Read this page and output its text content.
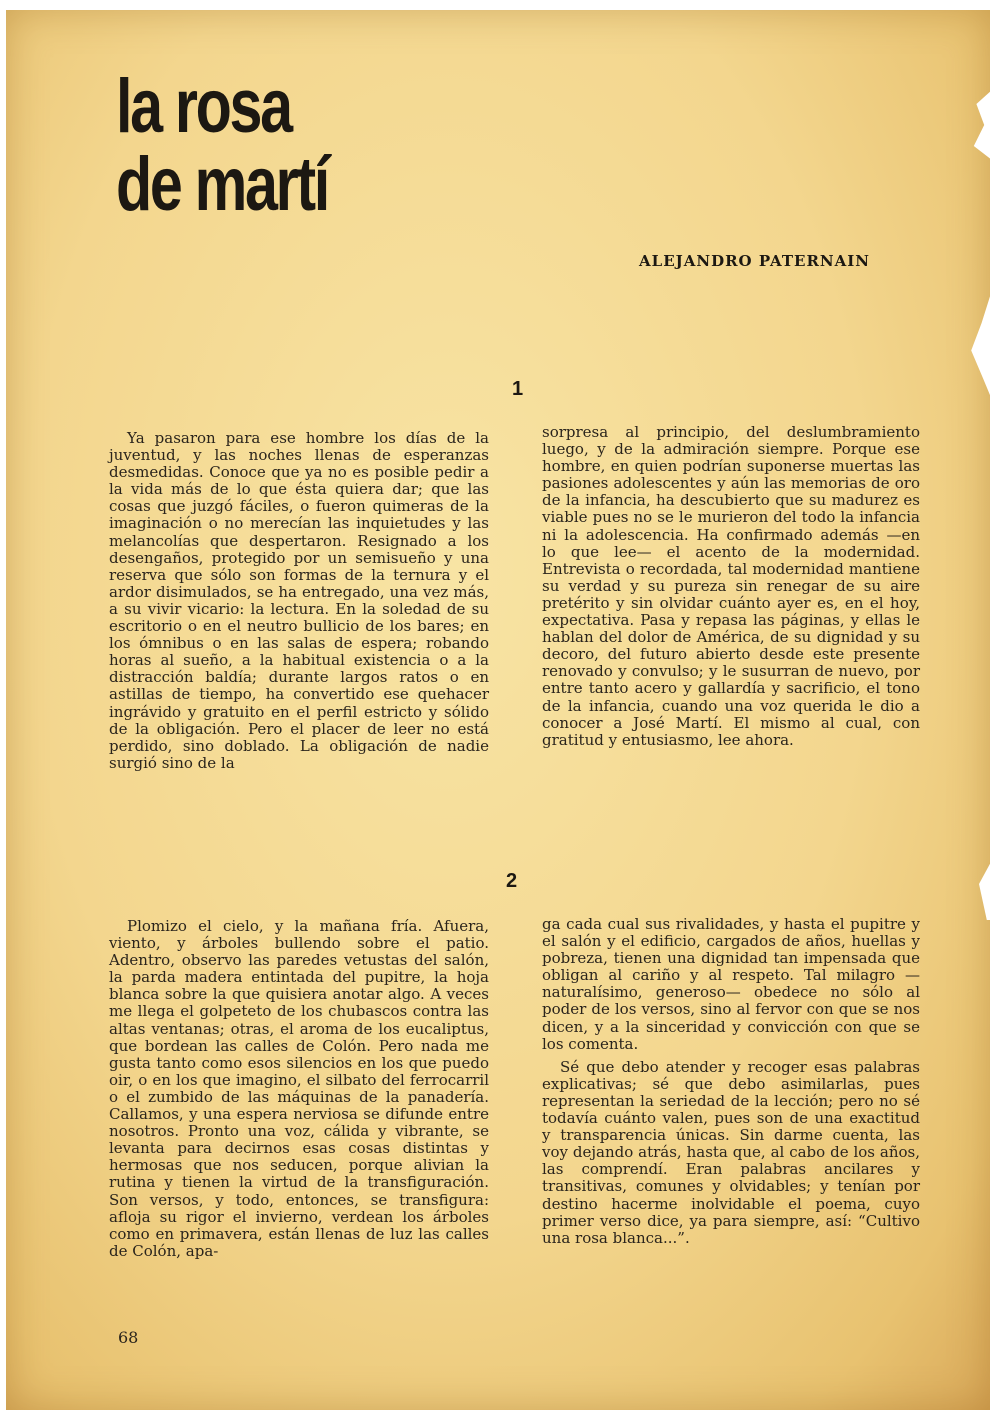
la rosa
de martí
ALEJANDRO PATERNAIN
1

Ya pasaron para ese hombre los días de la juventud, y las noches llenas de esperanzas desmedidas. Conoce que ya no es posible pedir a la vida más de lo que ésta quiera dar; que las cosas que juzgó fáciles, o fueron quimeras de la imaginación o no merecían las inquietudes y las melancolías que despertaron. Resignado a los desengaños, protegido por un semisueño y una reserva que sólo son formas de la ternura y el ardor disimulados, se ha entregado, una vez más, a su vivir vicario: la lectura. En la soledad de su escritorio o en el neutro bullicio de los bares; en los ómnibus o en las salas de espera; robando horas al sueño, a la habitual existencia o a la distracción baldía; durante largos ratos o en astillas de tiempo, ha convertido ese quehacer ingrávido y gratuito en el perfil estricto y sólido de la obligación. Pero el placer de leer no está perdido, sino doblado. La obligación de nadie surgió sino de la

sorpresa al principio, del deslumbramiento luego, y de la admiración siempre. Porque ese hombre, en quien podrían suponerse muertas las pasiones adolescentes y aún las memorias de oro de la infancia, ha descubierto que su madurez es viable pues no se le murieron del todo la infancia ni la adolescencia. Ha confirmado además —en lo que lee— el acento de la modernidad. Entrevista o recordada, tal modernidad mantiene su verdad y su pureza sin renegar de su aire pretérito y sin olvidar cuánto ayer es, en el hoy, expectativa. Pasa y repasa las páginas, y ellas le hablan del dolor de América, de su dignidad y su decoro, del futuro abierto desde este presente renovado y convulso; y le susurran de nuevo, por entre tanto acero y gallardía y sacrificio, el tono de la infancia, cuando una voz querida le dio a conocer a José Martí. El mismo al cual, con gratitud y entusiasmo, lee ahora.

2

Plomizo el cielo, y la mañana fría. Afuera, viento, y árboles bullendo sobre el patio. Adentro, observo las paredes vetustas del salón, la parda madera entintada del pupitre, la hoja blanca sobre la que quisiera anotar algo. A veces me llega el golpeteto de los chubascos contra las altas ventanas; otras, el aroma de los eucaliptus, que bordean las calles de Colón. Pero nada me gusta tanto como esos silencios en los que puedo oir, o en los que imagino, el silbato del ferrocarril o el zumbido de las máquinas de la panadería. Callamos, y una espera nerviosa se difunde entre nosotros. Pronto una voz, cálida y vibrante, se levanta para decirnos esas cosas distintas y hermosas que nos seducen, porque alivian la rutina y tienen la virtud de la transfiguración. Son versos, y todo, entonces, se transfigura: afloja su rigor el invierno, verdean los árboles como en primavera, están llenas de luz las calles de Colón, apa-

ga cada cual sus rivalidades, y hasta el pupitre y el salón y el edificio, cargados de años, huellas y pobreza, tienen una dignidad tan impensada que obligan al cariño y al respeto. Tal milagro —naturalísimo, generoso— obedece no sólo al poder de los versos, sino al fervor con que se nos dicen, y a la sinceridad y convicción con que se los comenta.

Sé que debo atender y recoger esas palabras explicativas; sé que debo asimilarlas, pues representan la seriedad de la lección; pero no sé todavía cuánto valen, pues son de una exactitud y transparencia únicas. Sin darme cuenta, las voy dejando atrás, hasta que, al cabo de los años, las comprendí. Eran palabras ancilares y transitivas, comunes y olvidables; y tenían por destino hacerme inolvidable el poema, cuyo primer verso dice, ya para siempre, así: “Cultivo una rosa blanca...”.

68
